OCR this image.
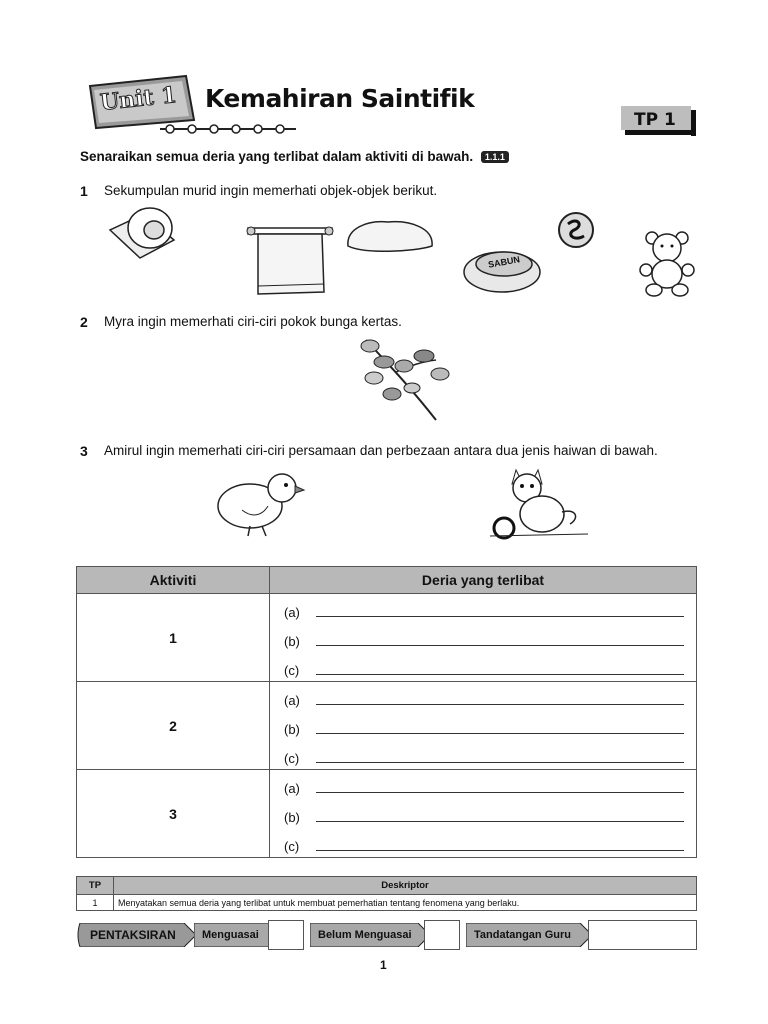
Unit 1 Kemahiran Saintifik
TP 1
Senaraikan semua deria yang terlibat dalam aktiviti di bawah. 1.1.1
1 Sekumpulan murid ingin memerhati objek-objek berikut.
SABUN
2 Myra ingin memerhati ciri-ciri pokok bunga kertas.
3 Amirul ingin memerhati ciri-ciri persamaan dan perbezaan antara dua jenis haiwan di bawah.
Aktiviti	Deria yang terlibat
1	(a)
(b)
(c)

2	(a)
(b)
(c)

3	(a)
(b)
(c)
TP	Deskriptor
1	Menyatakan semua deria yang terlibat untuk membuat pemerhatian tentang fenomena yang berlaku.
PENTAKSIRAN	Menguasai	Belum Menguasai	Tandatangan Guru
1
